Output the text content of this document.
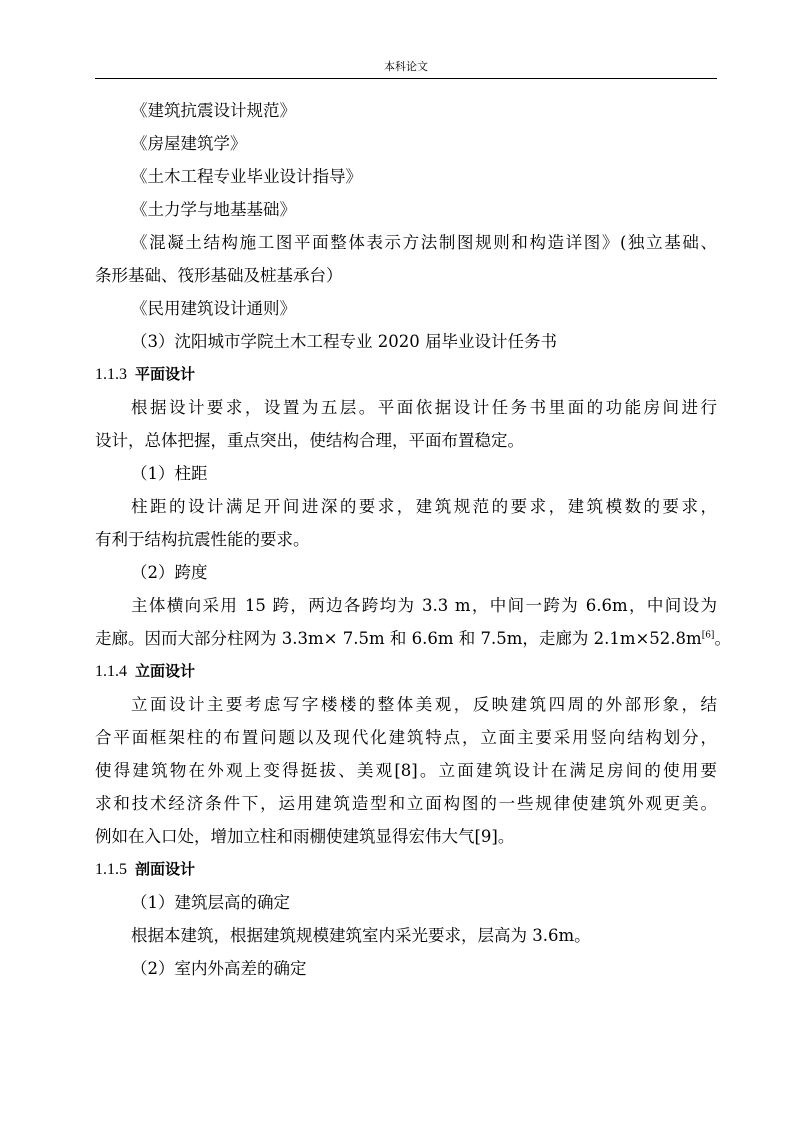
本科论文
《建筑抗震设计规范》
《房屋建筑学》
《土木工程专业毕业设计指导》
《土力学与地基基础》
《混凝土结构施工图平面整体表示方法制图规则和构造详图》(独立基础、
条形基础、筏形基础及桩基承台）
《民用建筑设计通则》
（3）沈阳城市学院土木工程专业 2020 届毕业设计任务书
1.1.3 平面设计
根据设计要求，设置为五层。平面依据设计任务书里面的功能房间进行
设计，总体把握，重点突出，使结构合理，平面布置稳定。
（1）柱距
柱距的设计满足开间进深的要求，建筑规范的要求，建筑模数的要求，
有利于结构抗震性能的要求。
（2）跨度
主体横向采用 15 跨，两边各跨均为 3.3 m，中间一跨为 6.6m，中间设为
走廊。因而大部分柱网为 3.3m× 7.5m 和 6.6m 和 7.5m，走廊为 2.1m×52.8m[6]。
1.1.4 立面设计
立面设计主要考虑写字楼楼的整体美观，反映建筑四周的外部形象，结
合平面框架柱的布置问题以及现代化建筑特点，立面主要采用竖向结构划分，
使得建筑物在外观上变得挺拔、美观[8]。立面建筑设计在满足房间的使用要
求和技术经济条件下，运用建筑造型和立面构图的一些规律使建筑外观更美。
例如在入口处，增加立柱和雨棚使建筑显得宏伟大气[9]。
1.1.5 剖面设计
（1）建筑层高的确定
根据本建筑，根据建筑规模建筑室内采光要求，层高为 3.6m。
（2）室内外高差的确定
